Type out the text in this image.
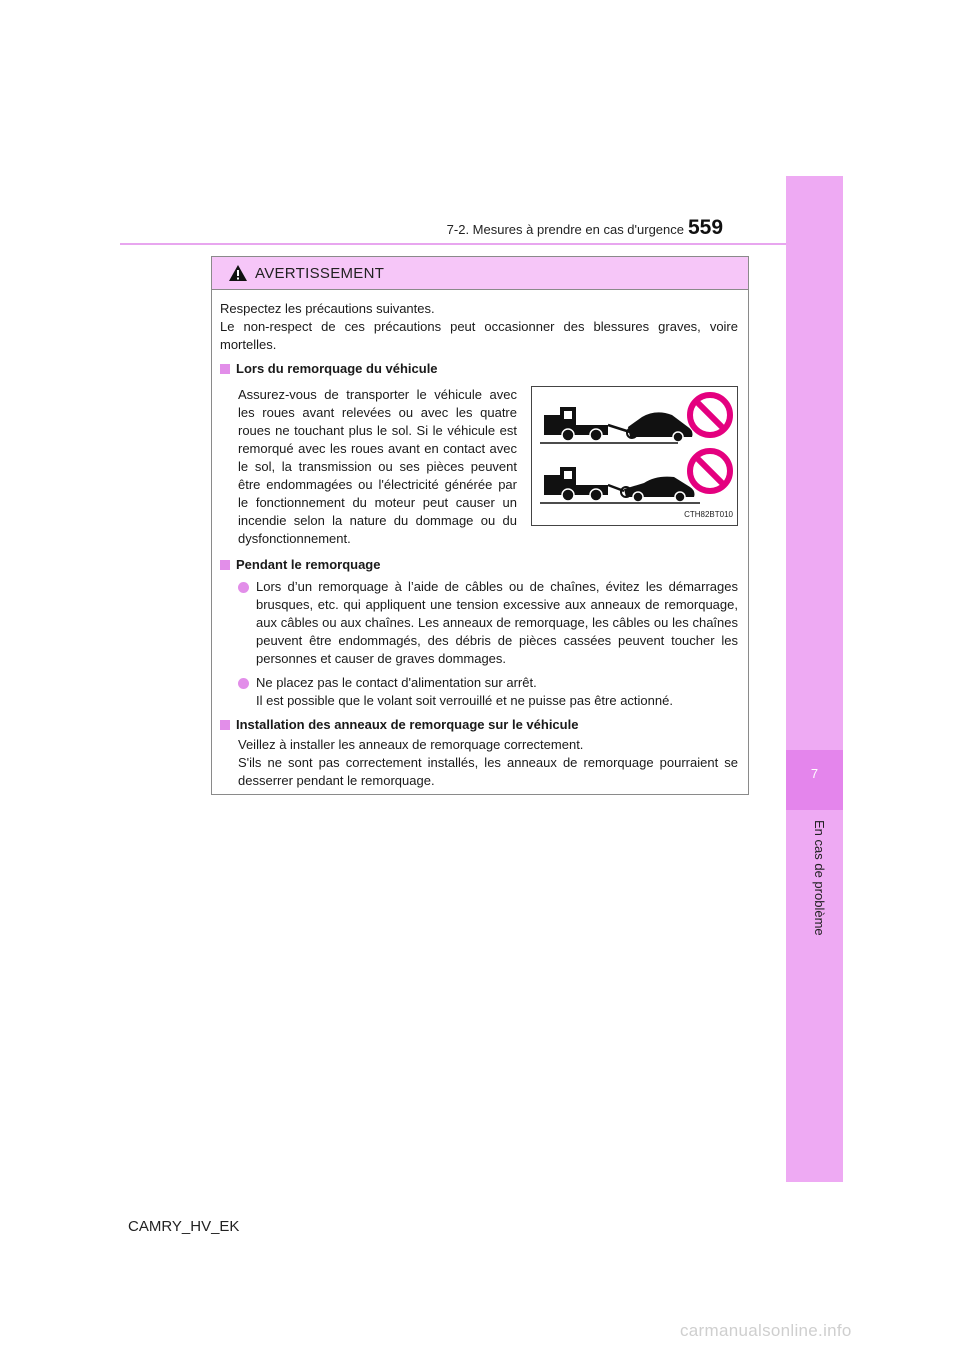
7-2. Mesures à prendre en cas d'urgence 559
7
En cas de problème
AVERTISSEMENT

Respectez les précautions suivantes.

Le non-respect de ces précautions peut occasionner des blessures graves, voire mortelles.

Lors du remorquage du véhicule

Assurez-vous de transporter le véhicule avec les roues avant relevées ou avec les quatre roues ne touchant plus le sol. Si le véhicule est remorqué avec les roues avant en contact avec le sol, la transmission ou ses pièces peuvent être endommagées ou l'électricité générée par le fonctionnement du moteur peut causer un incendie selon la nature du dommage ou du dysfonctionnement.

CTH82BT010
Pendant le remorquage
Lors d’un remorquage à l’aide de câbles ou de chaînes, évitez les démarrages brusques, etc. qui appliquent une tension excessive aux anneaux de remorquage, aux câbles ou aux chaînes. Les anneaux de remorquage, les câbles ou les chaînes peuvent être endommagés, des débris de pièces cassées peuvent toucher les personnes et causer de graves dommages.
Ne placez pas le contact d'alimentation sur arrêt.
Il est possible que le volant soit verrouillé et ne puisse pas être actionné.
Installation des anneaux de remorquage sur le véhicule

Veillez à installer les anneaux de remorquage correctement.

S'ils ne sont pas correctement installés, les anneaux de remorquage pourraient se desserrer pendant le remorquage.

CAMRY_HV_EK
carmanualsonline.info
